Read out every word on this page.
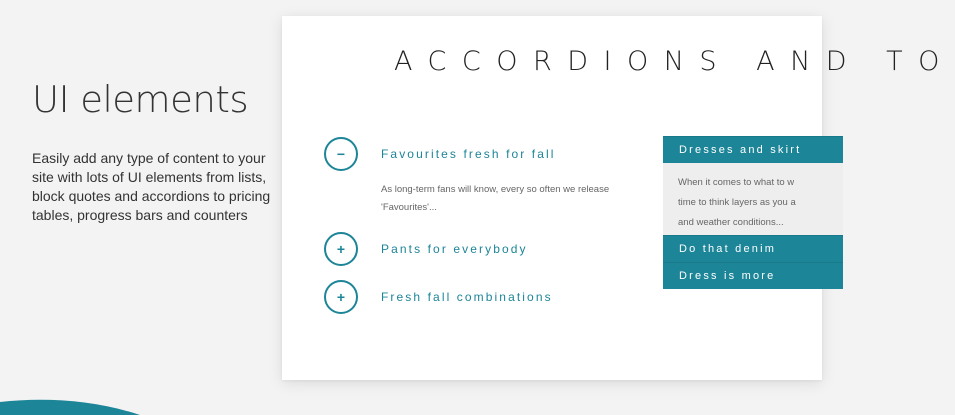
UI elements
Easily add any type of content to your site with lots of UI elements from lists, block quotes and accordions to pricing tables, progress bars and counters
ACCORDIONS AND TO
−	Favourites fresh for fall
As long-term fans will know, every so often we release
'Favourites'...
+	Pants for everybody
+	Fresh fall combinations
Dresses and skirt
When it comes to what to w
time to think layers as you a
and weather conditions...
Do that denim
Dress is more
